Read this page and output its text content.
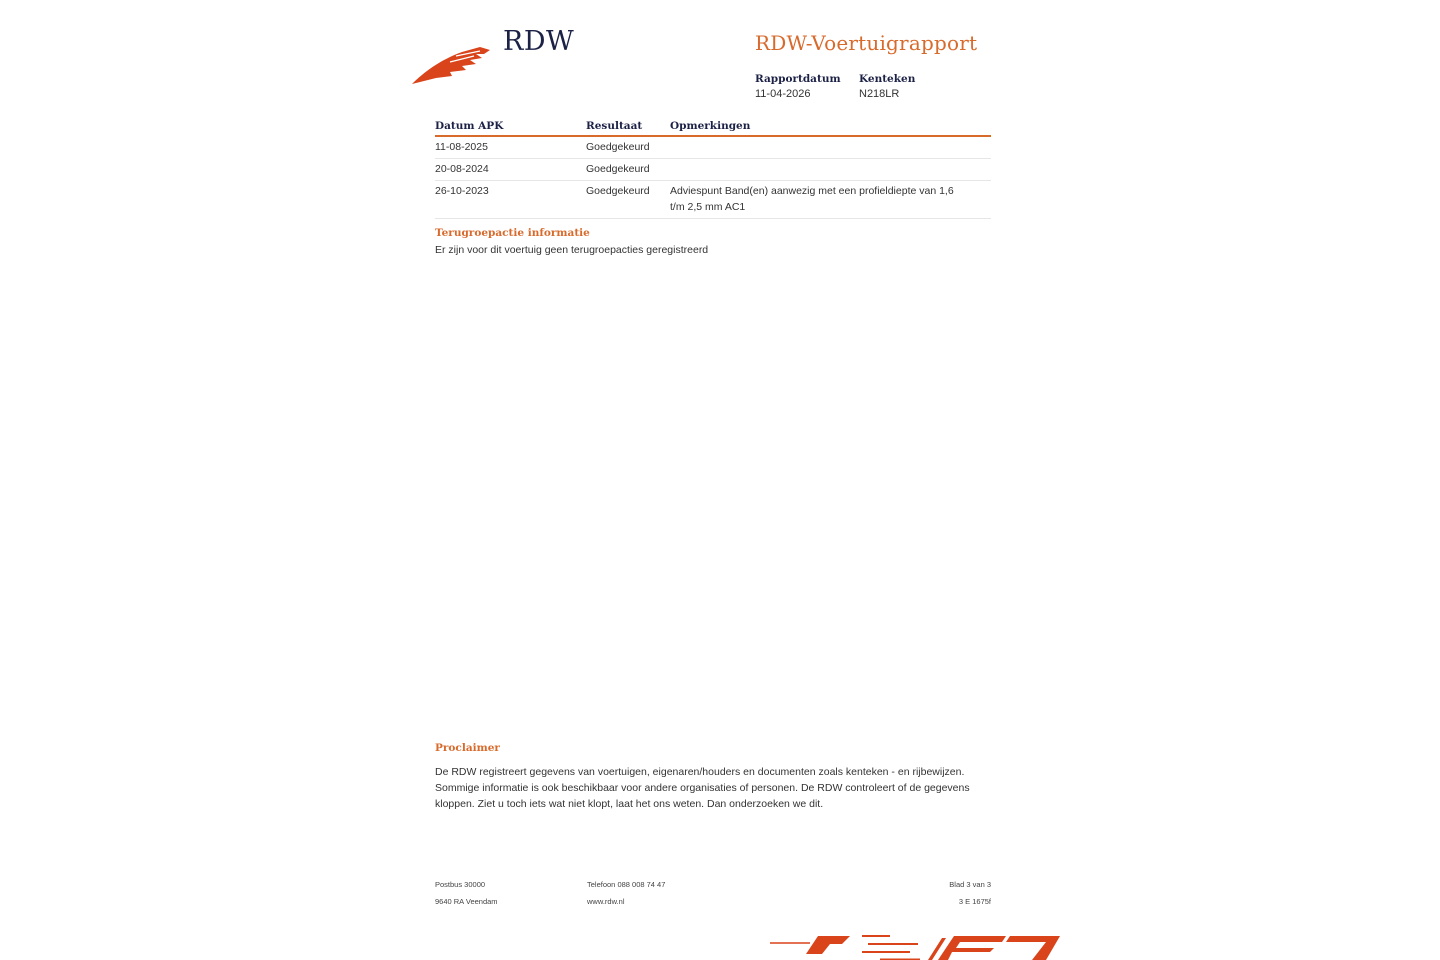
RDW	RDW-Voertuigrapport
Rapportdatum
11-04-2026
Kenteken
N218LR
Datum APK	Resultaat	Opmerkingen
11-08-2025	Goedgekeurd	
20-08-2024	Goedgekeurd	
26-10-2023	Goedgekeurd	Adviespunt Band(en) aanwezig met een profieldiepte van 1,6 t/m 2,5 mm AC1
Terugroepactie informatie
Er zijn voor dit voertuig geen terugroepacties geregistreerd
Proclaimer
De RDW registreert gegevens van voertuigen, eigenaren/houders en documenten zoals kenteken - en rijbewijzen.
Sommige informatie is ook beschikbaar voor andere organisaties of personen. De RDW controleert of de gegevens
kloppen. Ziet u toch iets wat niet klopt, laat het ons weten. Dan onderzoeken we dit.
Postbus 30000
9640 RA Veendam
Telefoon 088 008 74 47
www.rdw.nl
Blad 3 van 3
3 E 1675f
